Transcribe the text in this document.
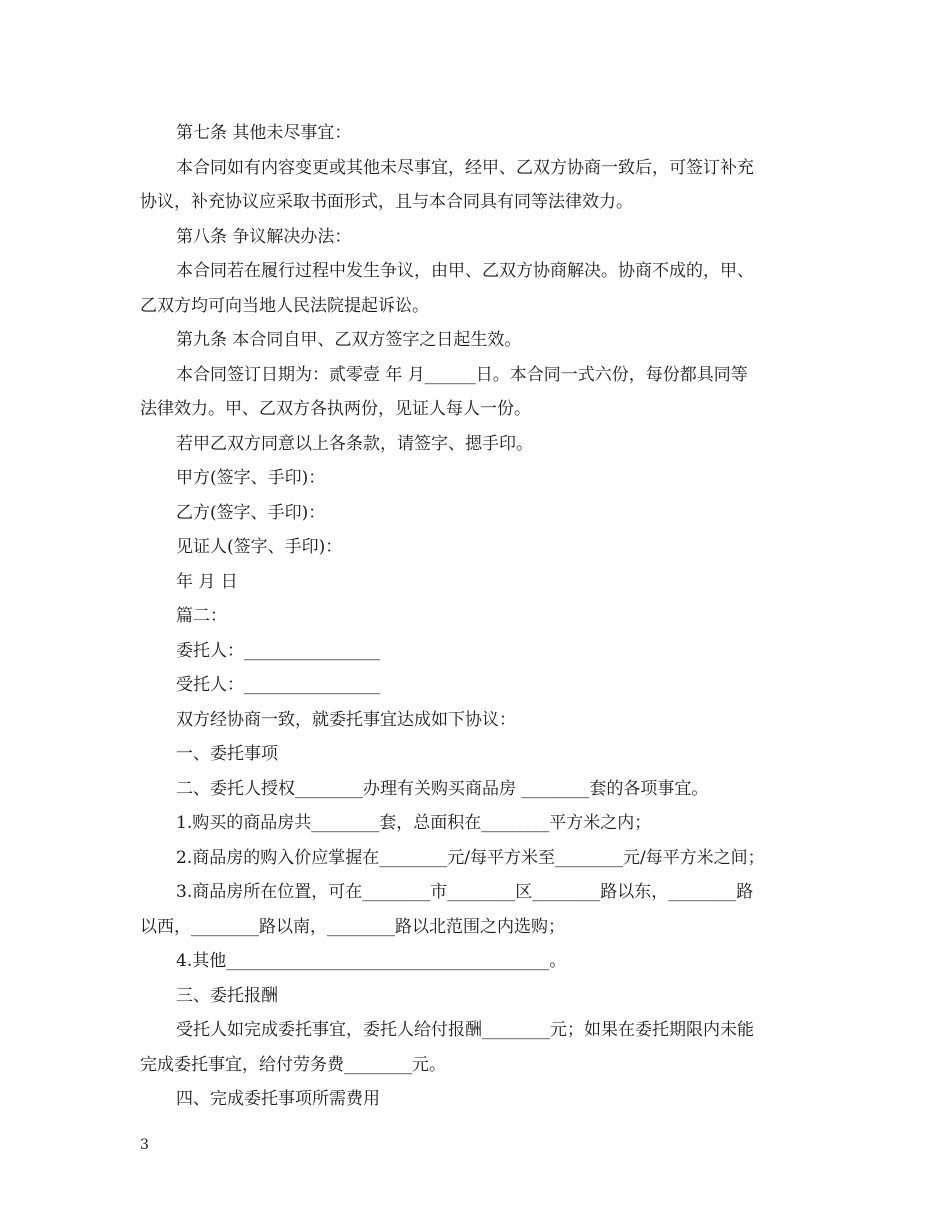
第七条 其他未尽事宜：

本合同如有内容变更或其他未尽事宜，经甲、乙双方协商一致后，可签订补充

协议，补充协议应采取书面形式，且与本合同具有同等法律效力。

第八条 争议解决办法：

本合同若在履行过程中发生争议，由甲、乙双方协商解决。协商不成的，甲、

乙双方均可向当地人民法院提起诉讼。

第九条 本合同自甲、乙双方签字之日起生效。

本合同签订日期为：贰零壹 年 月______日。本合同一式六份，每份都具同等

法律效力。甲、乙双方各执两份，见证人每人一份。

若甲乙双方同意以上各条款，请签字、摁手印。

甲方(签字、手印)：

乙方(签字、手印)：

见证人(签字、手印)：

年 月 日

篇二：

委托人：________________

受托人：________________

双方经协商一致，就委托事宜达成如下协议：

一、委托事项

二、委托人授权________办理有关购买商品房 ________套的各项事宜。

1.购买的商品房共________套，总面积在________平方米之内；

2.商品房的购入价应掌握在________元/每平方米至________元/每平方米之间；

3.商品房所在位置，可在________市________区________路以东，________路

以西，________路以南，________路以北范围之内选购；

4.其他______________________________________。

三、委托报酬

受托人如完成委托事宜，委托人给付报酬________元；如果在委托期限内未能

完成委托事宜，给付劳务费________元。

四、完成委托事项所需费用

3
